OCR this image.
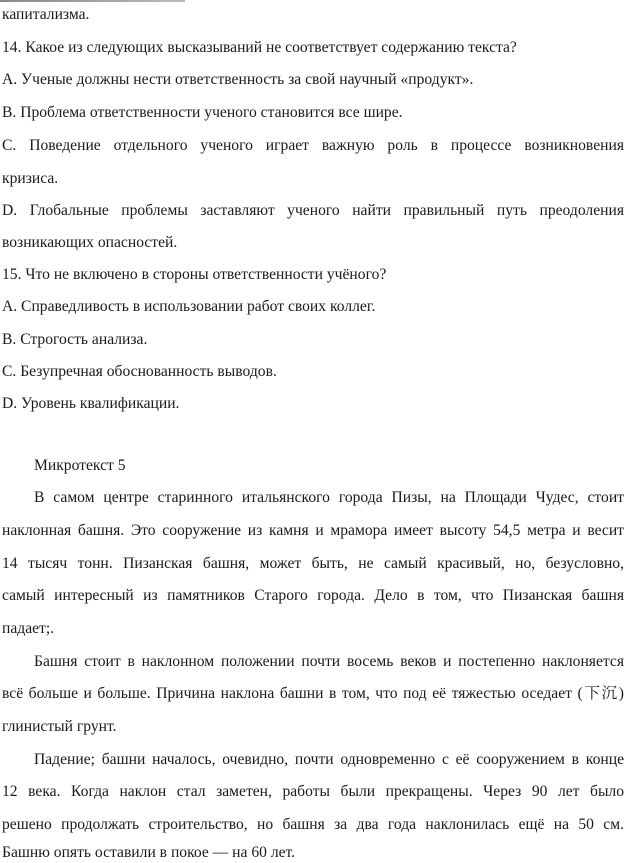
капитализма.
14. Какое из следующих высказываний не соответствует содержанию текста?
А. Ученые должны нести ответственность за свой научный «продукт».
В. Проблема ответственности ученого становится все шире.
С. Поведение отдельного ученого играет важную роль в процессе возникновения
кризиса.
D. Глобальные проблемы заставляют ученого найти правильный путь преодоления
возникающих опасностей.
15. Что не включено в стороны ответственности учёного?
А. Справедливость в использовании работ своих коллег.
В. Строгость анализа.
С. Безупречная обоснованность выводов.
D. Уровень квалификации.
Микротекст 5
В самом центре старинного итальянского города Пизы, на Площади Чудес, стоит
наклонная башня. Это сооружение из камня и мрамора имеет высоту 54,5 метра и весит
14 тысяч тонн. Пизанская башня, может быть, не самый красивый, но, безусловно,
самый интересный из памятников Старого города. Дело в том, что Пизанская башня
падает;.
Башня стоит в наклонном положении почти восемь веков и постепенно наклоняется
всё больше и больше. Причина наклона башни в том, что под её тяжестью оседает (下沉)
глинистый грунт.
Падение; башни началось, очевидно, почти одновременно с её сооружением в конце
12 века. Когда наклон стал заметен, работы были прекращены. Через 90 лет было
решено продолжать строительство, но башня за два года наклонилась ещё на 50 см.
Башню опять оставили в покое — на 60 лет.
